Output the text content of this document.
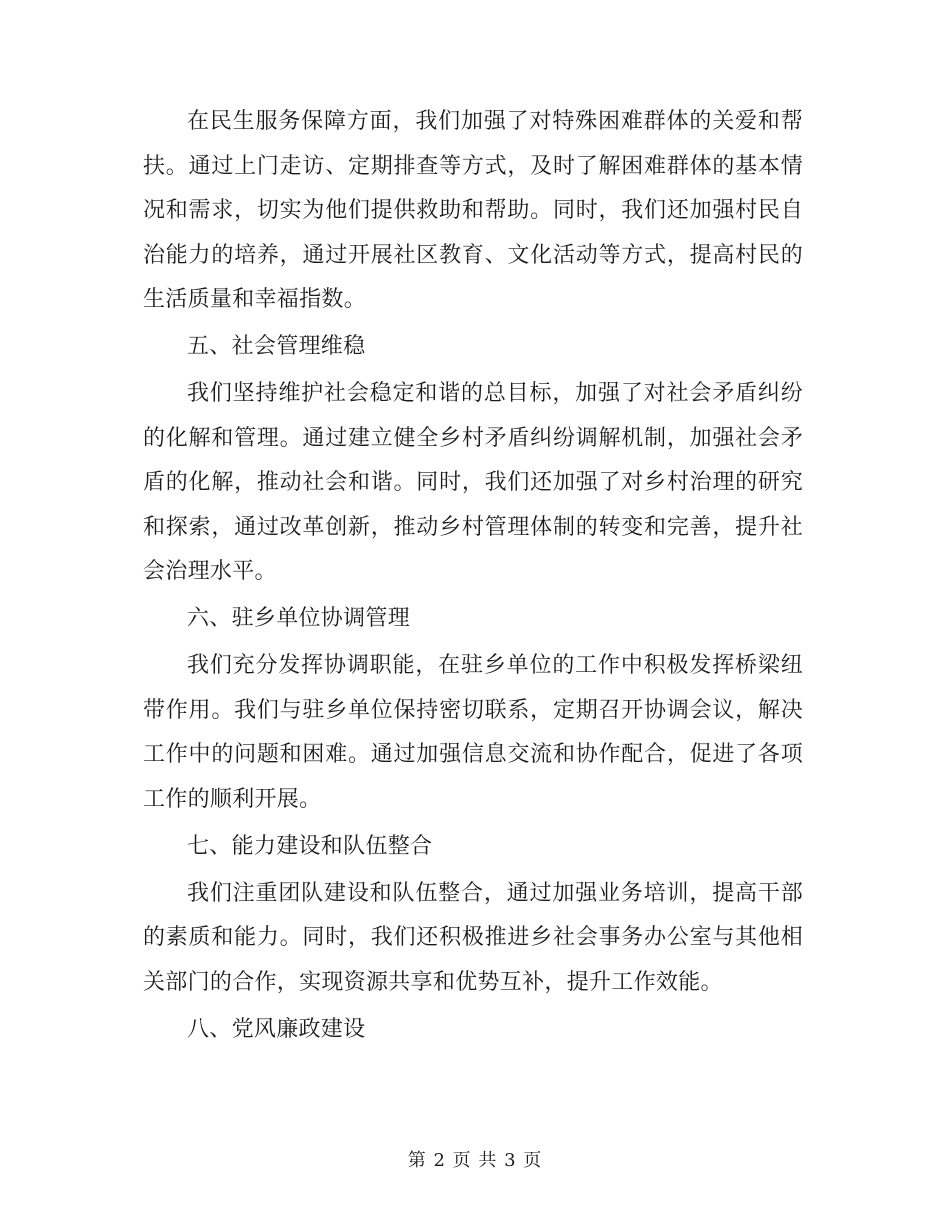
在民生服务保障方面，我们加强了对特殊困难群体的关爱和帮扶。通过上门走访、定期排查等方式，及时了解困难群体的基本情况和需求，切实为他们提供救助和帮助。同时，我们还加强村民自治能力的培养，通过开展社区教育、文化活动等方式，提高村民的生活质量和幸福指数。

五、社会管理维稳

我们坚持维护社会稳定和谐的总目标，加强了对社会矛盾纠纷的化解和管理。通过建立健全乡村矛盾纠纷调解机制，加强社会矛盾的化解，推动社会和谐。同时，我们还加强了对乡村治理的研究和探索，通过改革创新，推动乡村管理体制的转变和完善，提升社会治理水平。

六、驻乡单位协调管理

我们充分发挥协调职能，在驻乡单位的工作中积极发挥桥梁纽带作用。我们与驻乡单位保持密切联系，定期召开协调会议，解决工作中的问题和困难。通过加强信息交流和协作配合，促进了各项工作的顺利开展。

七、能力建设和队伍整合

我们注重团队建设和队伍整合，通过加强业务培训，提高干部的素质和能力。同时，我们还积极推进乡社会事务办公室与其他相关部门的合作，实现资源共享和优势互补，提升工作效能。

八、党风廉政建设

第 2 页 共 3 页
